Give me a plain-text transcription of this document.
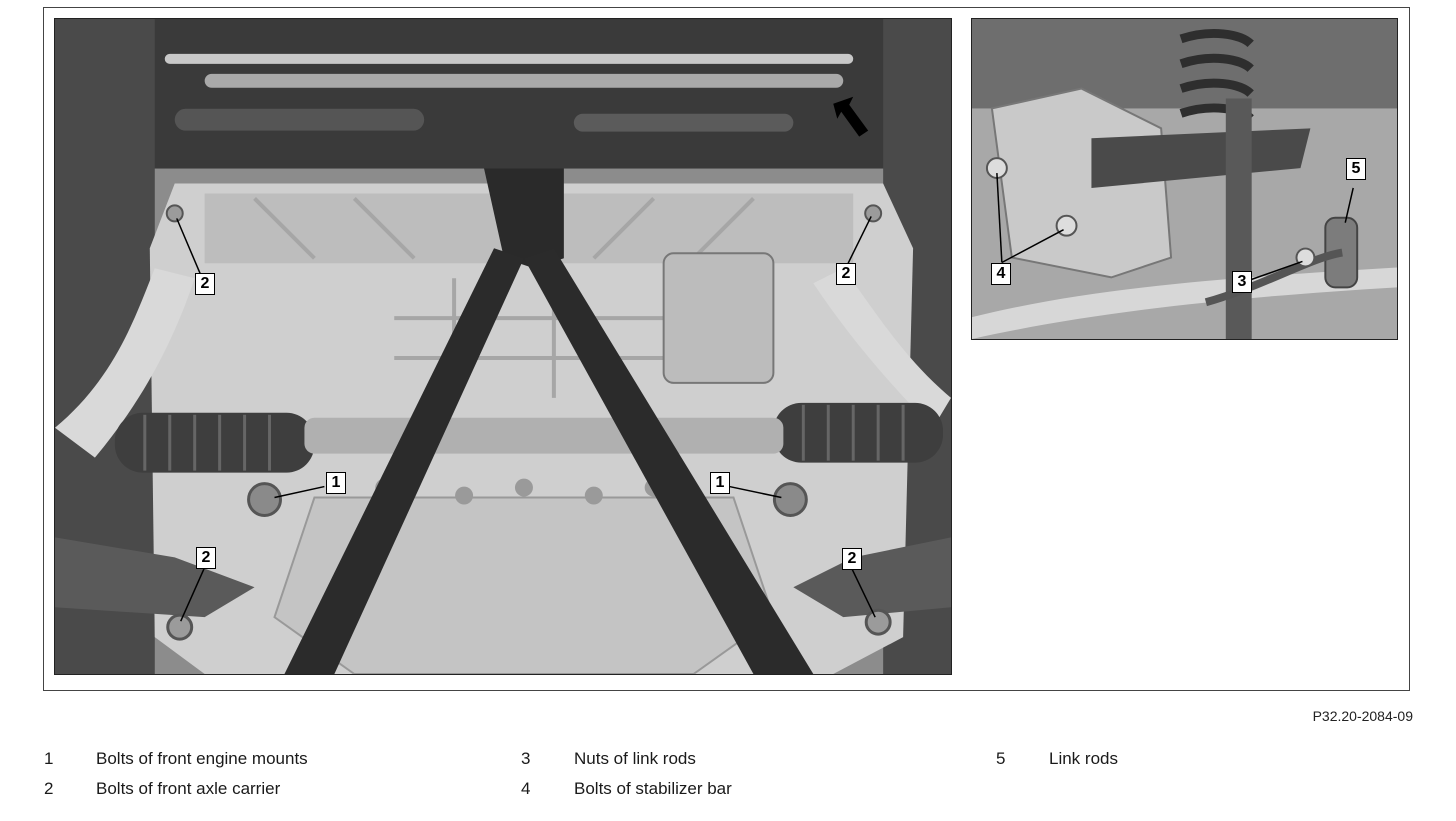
2
2
1	1
2	2
5
4	3
P32.20-2084-09
1	Bolts of front engine mounts
2	Bolts of front axle carrier
3	Nuts of link rods
4	Bolts of stabilizer bar
5	Link rods
